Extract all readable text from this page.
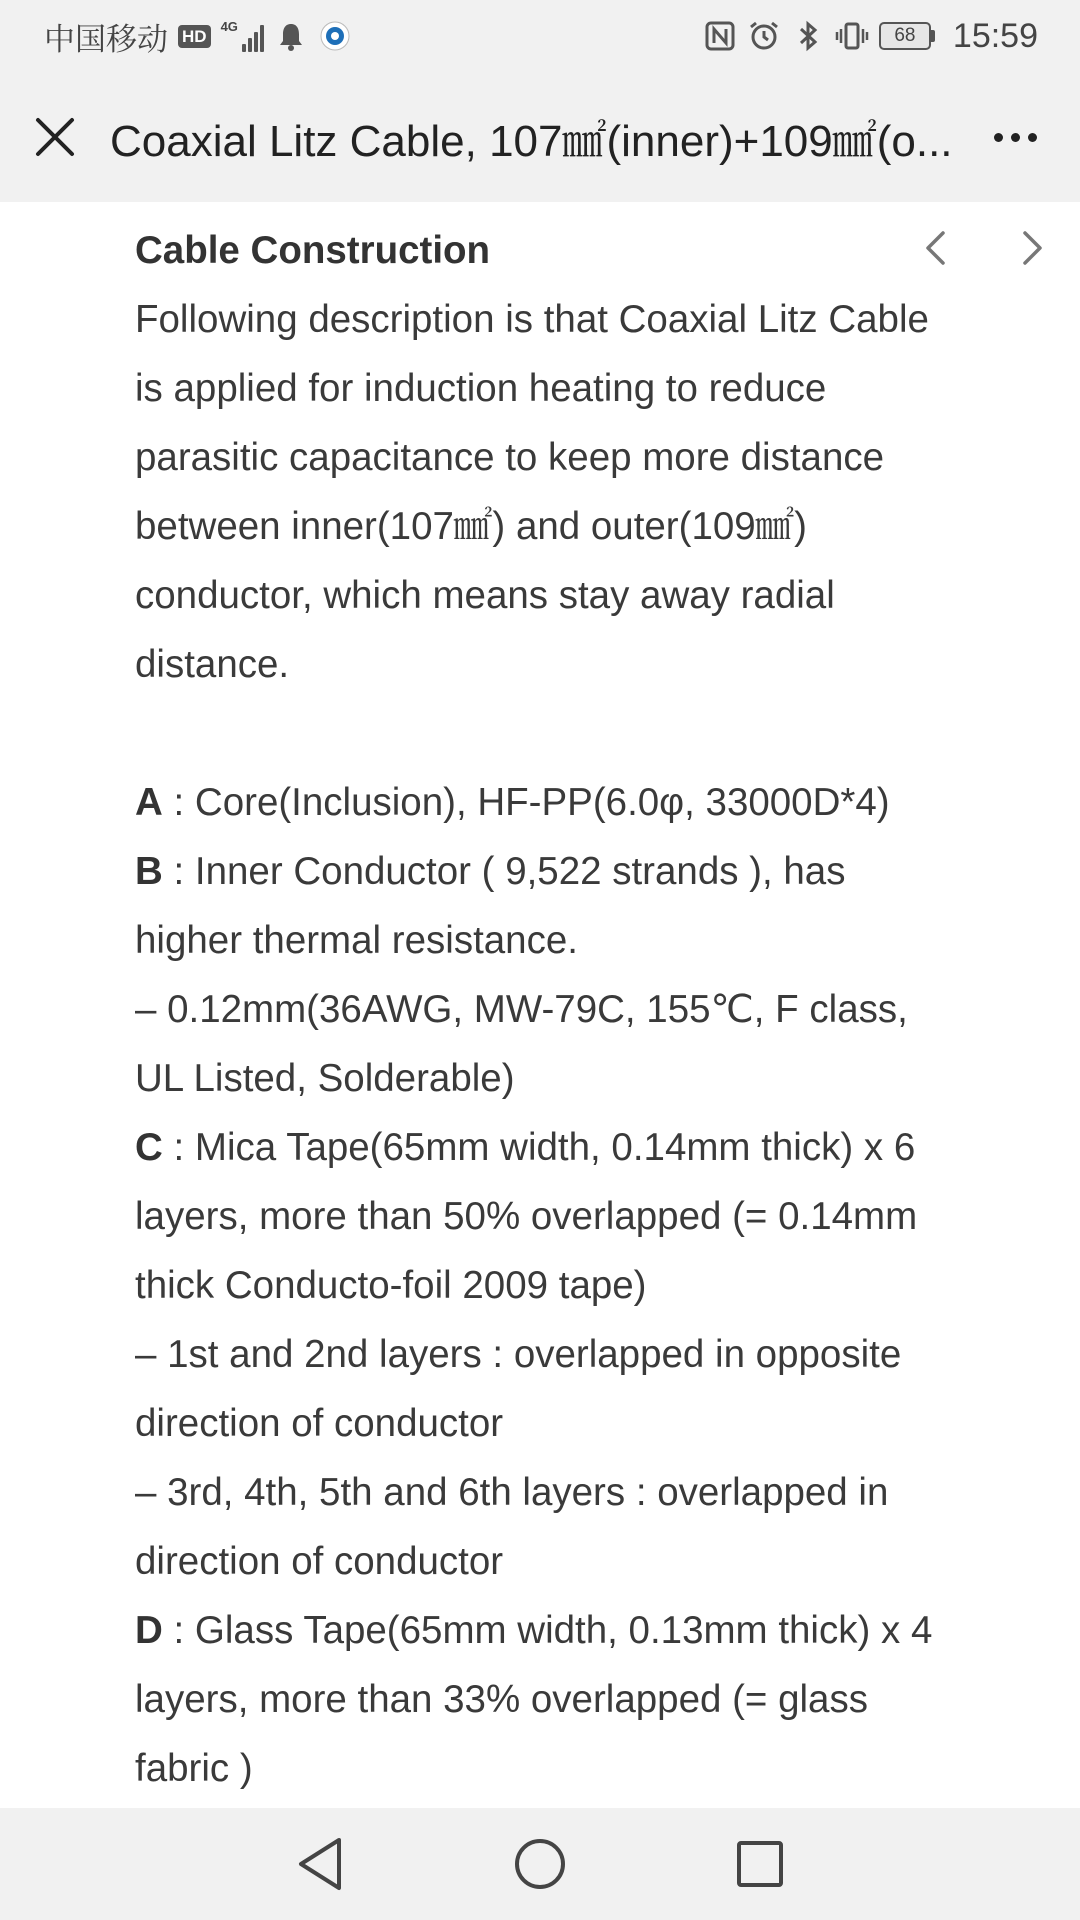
中国移动 HD	4G	68	15:59
Coaxial Litz Cable, 107㎟(inner)+109㎟(o...
Cable Construction

Following description is that Coaxial Litz Cable is applied for induction heating to reduce parasitic capacitance to keep more distance between inner(107㎟) and outer(109㎟) conductor, which means stay away radial distance.

A : Core(Inclusion), HF-PP(6.0φ, 33000D*4)

B : Inner Conductor ( 9,522 strands ), has higher thermal resistance.

– 0.12mm(36AWG, MW-79C, 155℃, F class, UL Listed, Solderable)

C : Mica Tape(65mm width, 0.14mm thick) x 6 layers, more than 50% overlapped (= 0.14mm thick Conducto-foil 2009 tape)

– 1st and 2nd layers : overlapped in opposite direction of conductor

– 3rd, 4th, 5th and 6th layers : overlapped in direction of conductor

D : Glass Tape(65mm width, 0.13mm thick) x 4 layers, more than 33% overlapped (= glass fabric )
